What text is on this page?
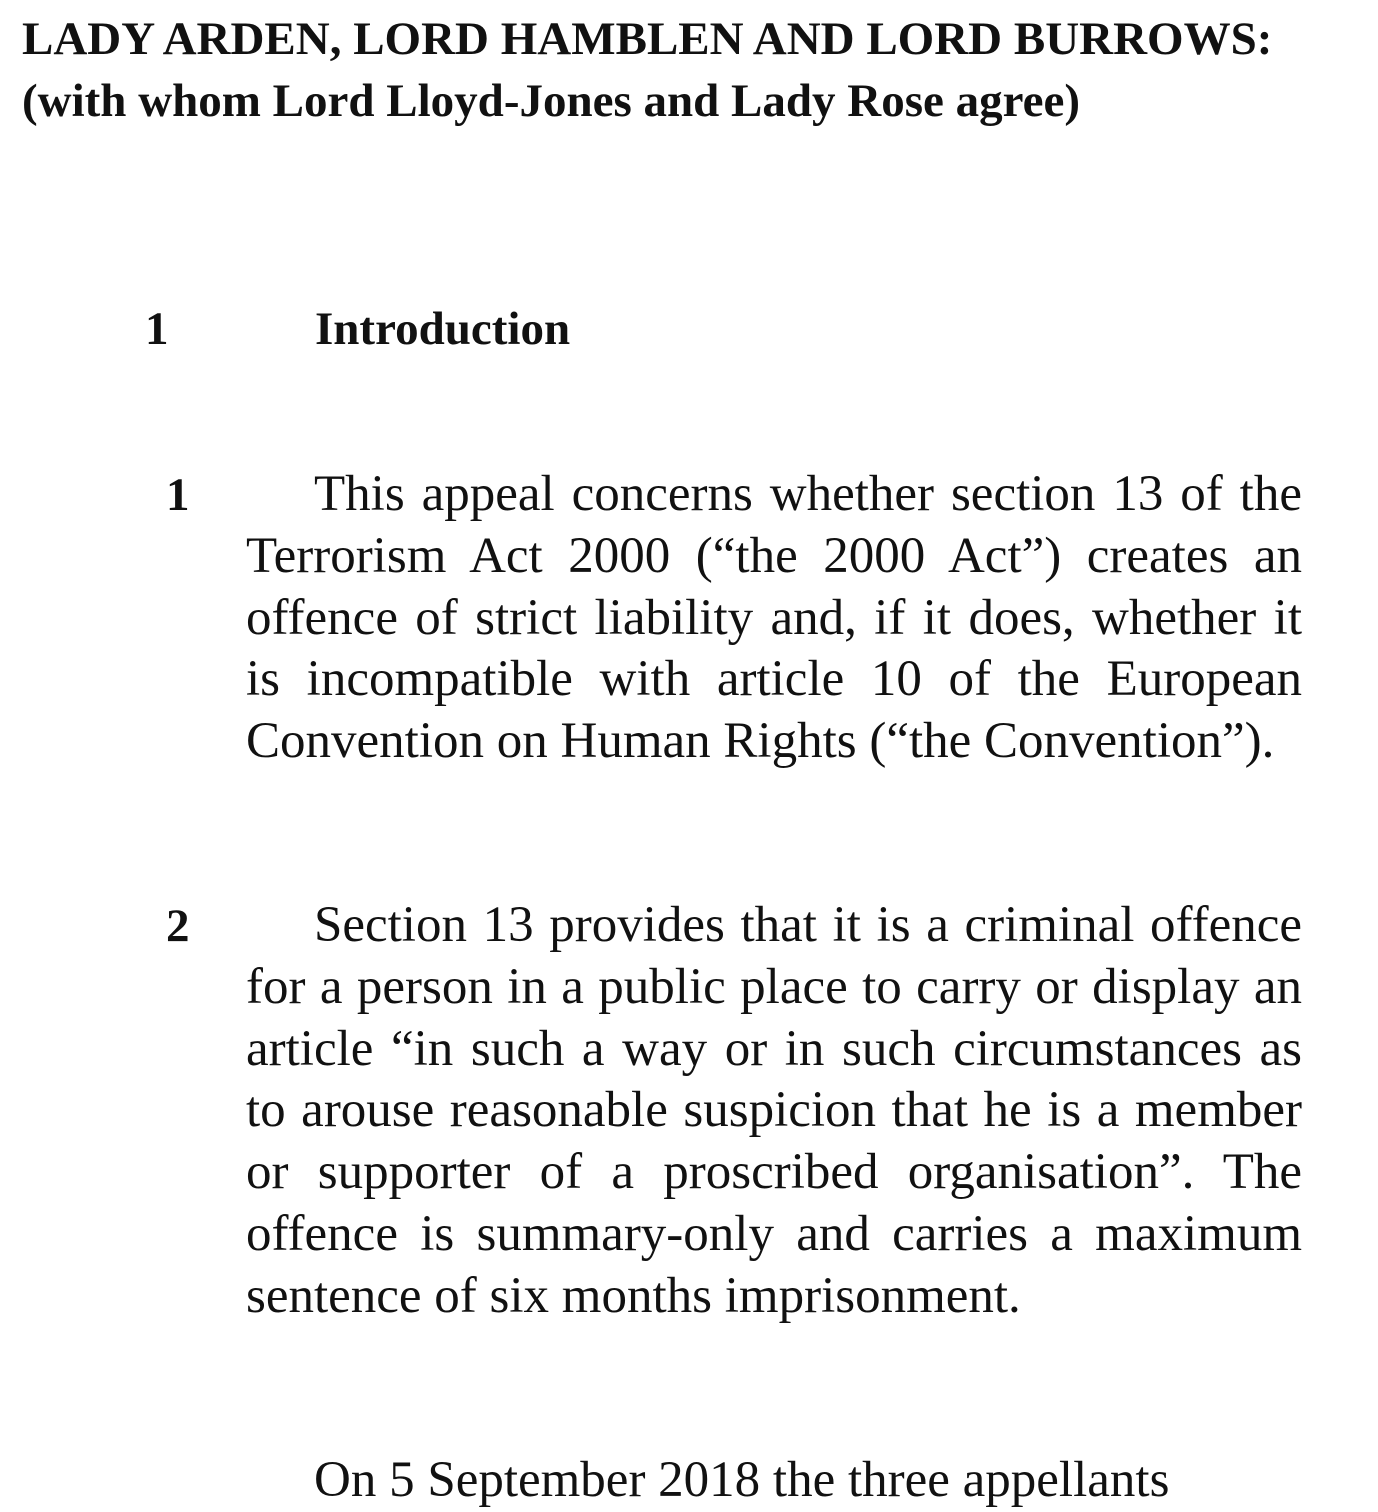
LADY ARDEN, LORD HAMBLEN AND LORD BURROWS: (with whom Lord Lloyd-Jones and Lady Rose agree)
1	Introduction
1	This appeal concerns whether section 13 of the Terrorism Act 2000 (“the 2000 Act”) creates an offence of strict liability and, if it does, whether it is incompatible with article 10 of the European Convention on Human Rights (“the Convention”).

2	Section 13 provides that it is a criminal offence for a person in a public place to carry or display an article “in such a way or in such circumstances as to arouse reasonable suspicion that he is a member or supporter of a proscribed organisation”. The offence is summary-only and carries a maximum sentence of six months imprisonment.

On 5 September 2018 the three appellants
